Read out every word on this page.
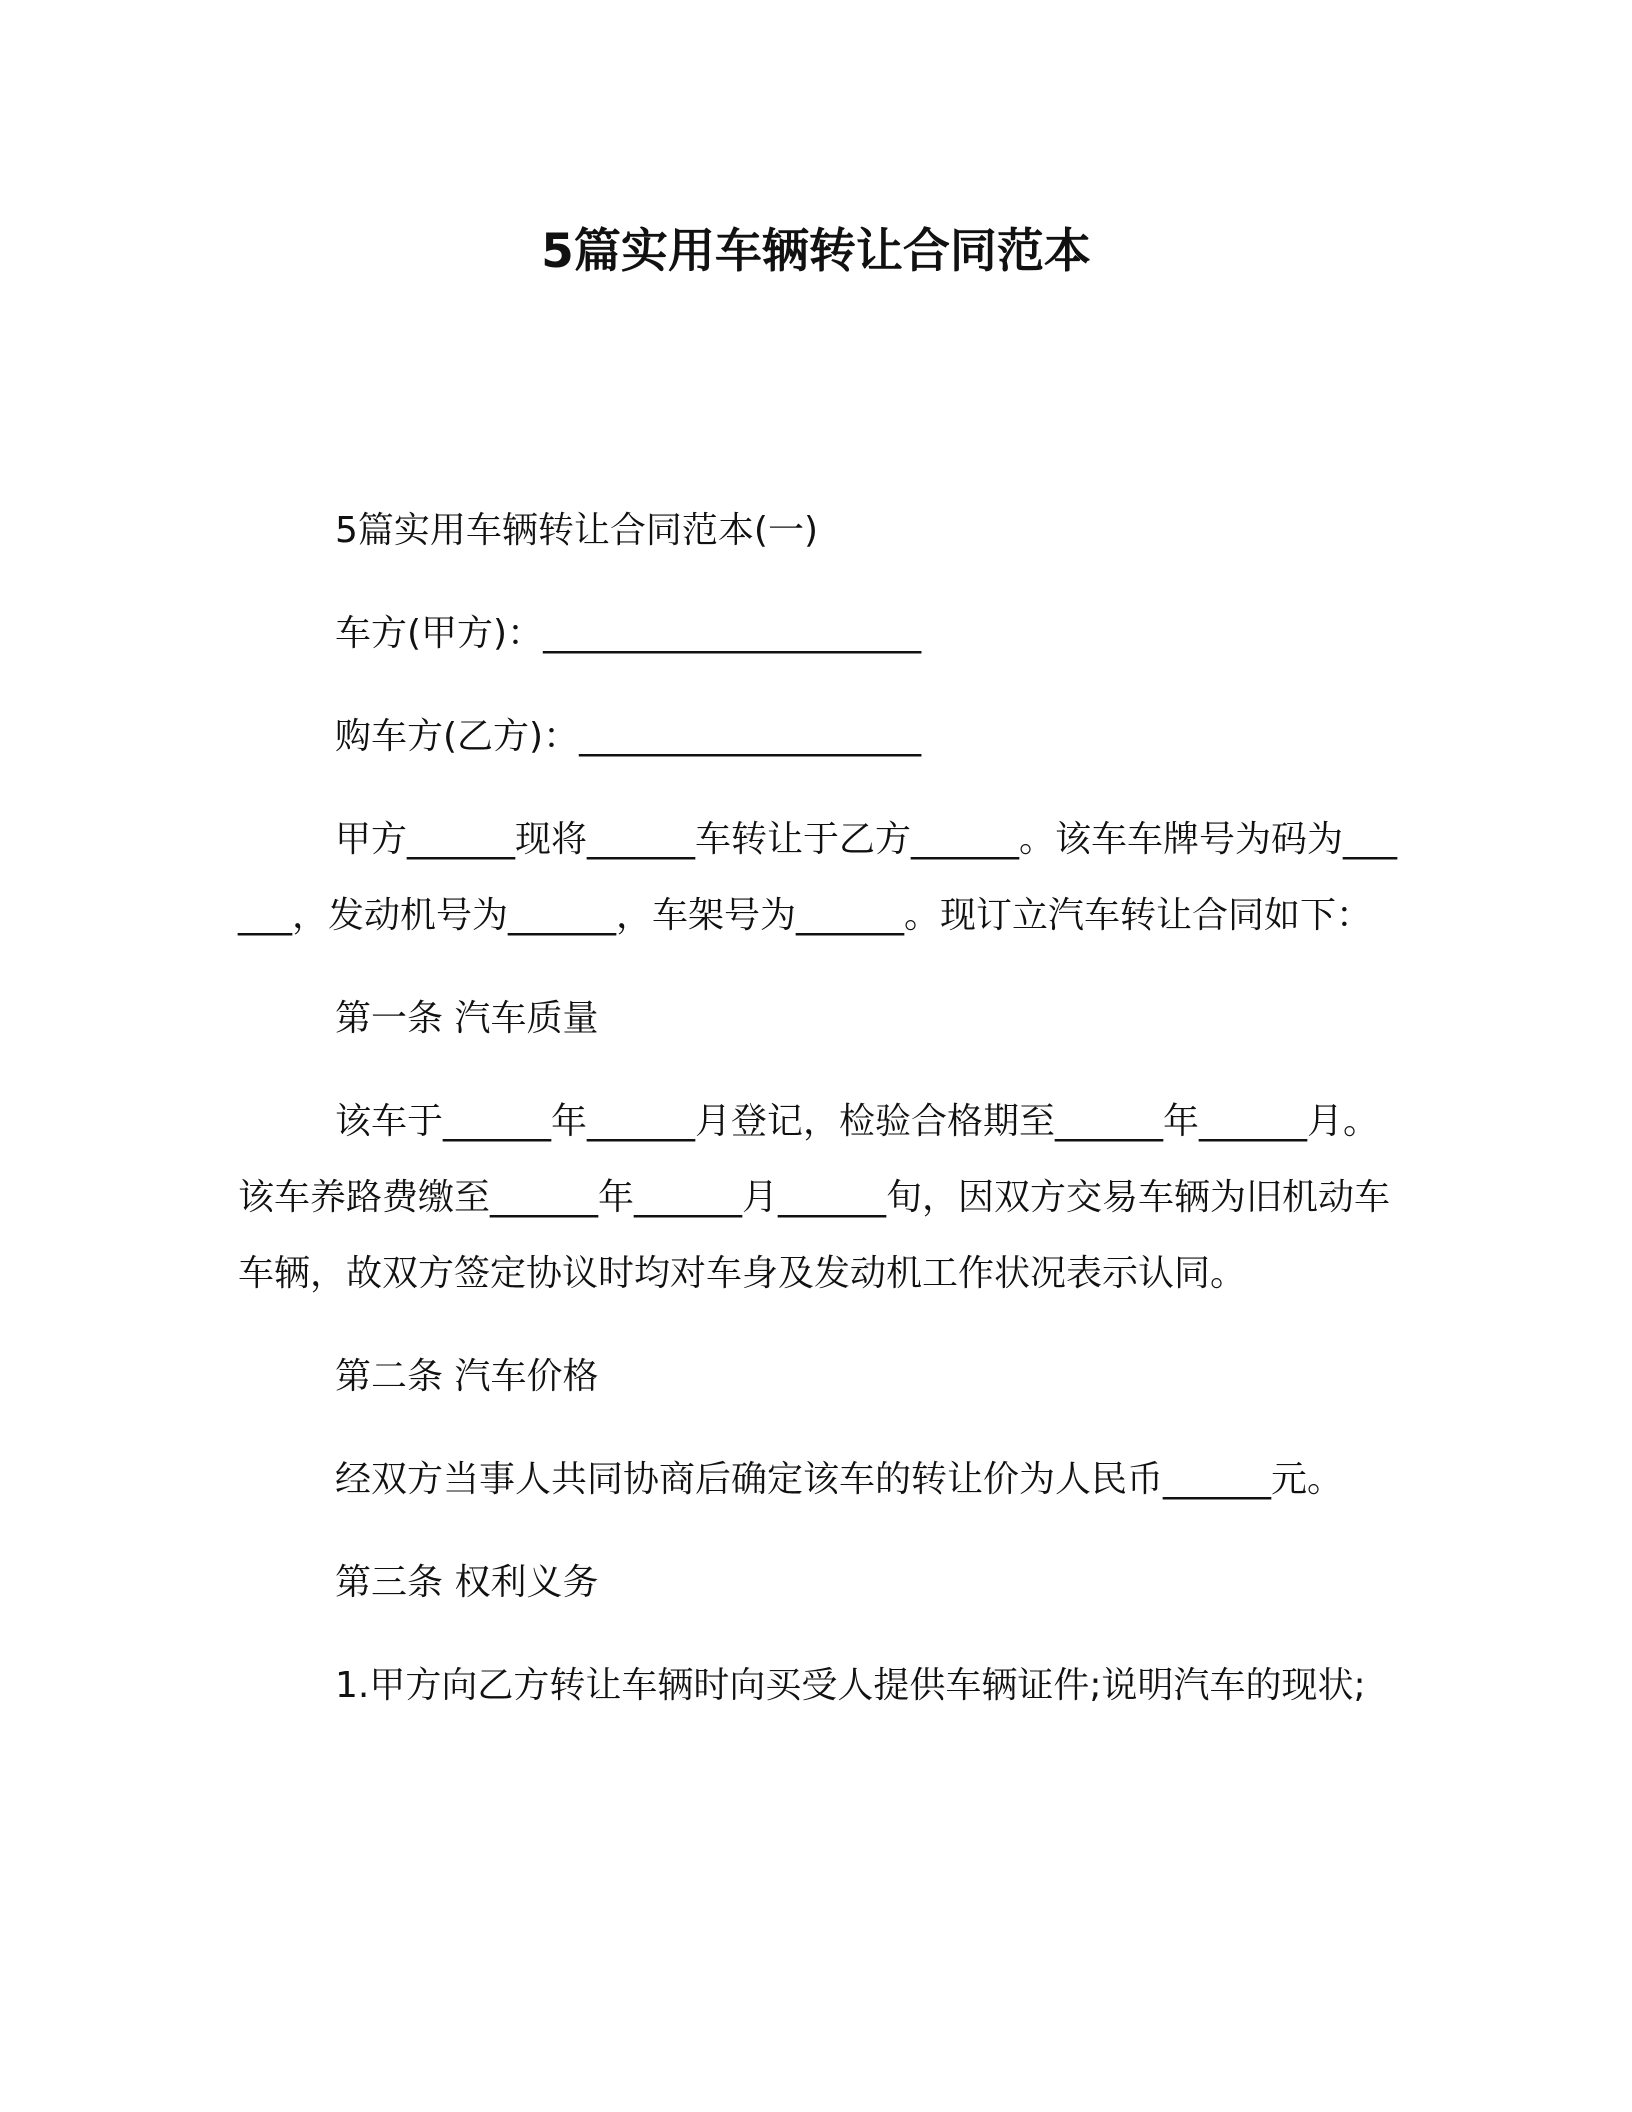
5篇实用车辆转让合同范本

5篇实用车辆转让合同范本(一)

车方(甲方)：_____________________

购车方(乙方)：___________________

甲方______现将______车转让于乙方______。该车车牌号为码为______，发动机号为______，车架号为______。现订立汽车转让合同如下：

第一条 汽车质量

该车于______年______月登记，检验合格期至______年______月。该车养路费缴至______年______月______旬，因双方交易车辆为旧机动车车辆，故双方签定协议时均对车身及发动机工作状况表示认同。

第二条 汽车价格

经双方当事人共同协商后确定该车的转让价为人民币______元。

第三条 权利义务

1.甲方向乙方转让车辆时向买受人提供车辆证件;说明汽车的现状;
